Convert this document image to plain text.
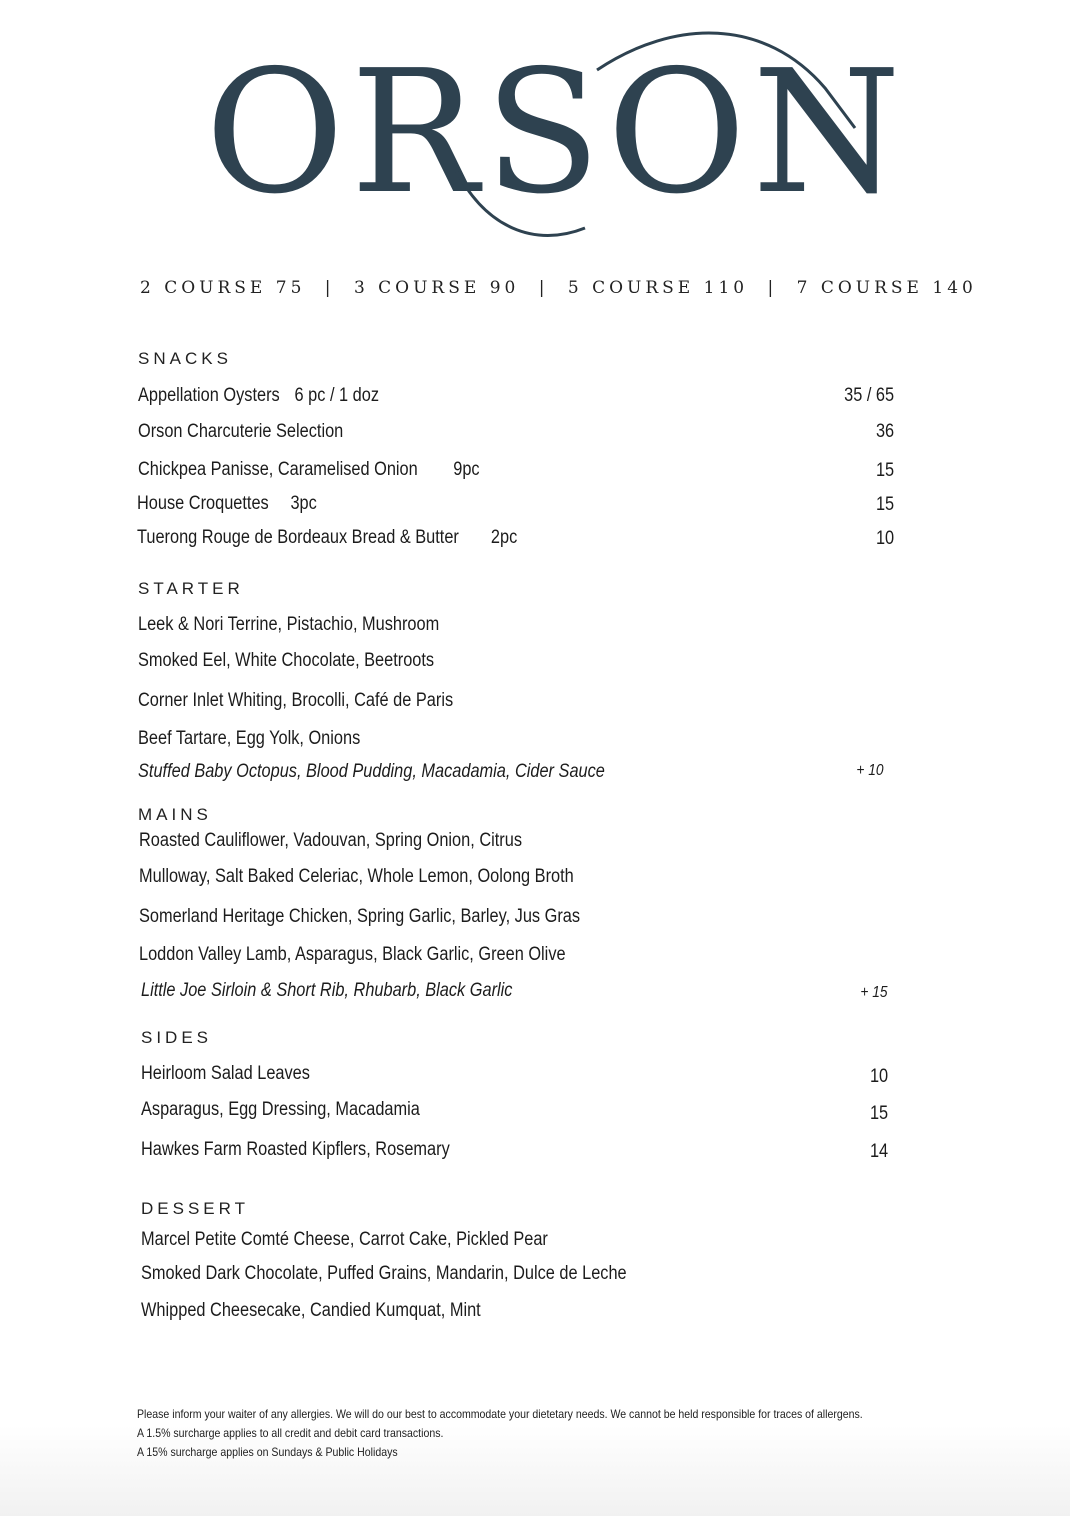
ORSON
2 COURSE 75 | 3 COURSE 90 | 5 COURSE 110 | 7 COURSE 140
SNACKS
Appellation Oysters 6 pc / 1 doz	35 / 65
Orson Charcuterie Selection	36
Chickpea Panisse, Caramelised Onion 9pc	15
House Croquettes 3pc	15
Tuerong Rouge de Bordeaux Bread & Butter 2pc	10
STARTER
Leek & Nori Terrine, Pistachio, Mushroom
Smoked Eel, White Chocolate, Beetroots
Corner Inlet Whiting, Brocolli, Café de Paris
Beef Tartare, Egg Yolk, Onions
Stuffed Baby Octopus, Blood Pudding, Macadamia, Cider Sauce	+ 10
MAINS
Roasted Cauliflower, Vadouvan, Spring Onion, Citrus
Mulloway, Salt Baked Celeriac, Whole Lemon, Oolong Broth
Somerland Heritage Chicken, Spring Garlic, Barley, Jus Gras
Loddon Valley Lamb, Asparagus, Black Garlic, Green Olive
Little Joe Sirloin & Short Rib, Rhubarb, Black Garlic	+ 15
SIDES
Heirloom Salad Leaves	10
Asparagus, Egg Dressing, Macadamia	15
Hawkes Farm Roasted Kipflers, Rosemary	14
DESSERT
Marcel Petite Comté Cheese, Carrot Cake, Pickled Pear
Smoked Dark Chocolate, Puffed Grains, Mandarin, Dulce de Leche
Whipped Cheesecake, Candied Kumquat, Mint
Please inform your waiter of any allergies. We will do our best to accommodate your dietetary needs. We cannot be held responsible for traces of allergens.
A 1.5% surcharge applies to all credit and debit card transactions.
A 15% surcharge applies on Sundays & Public Holidays
